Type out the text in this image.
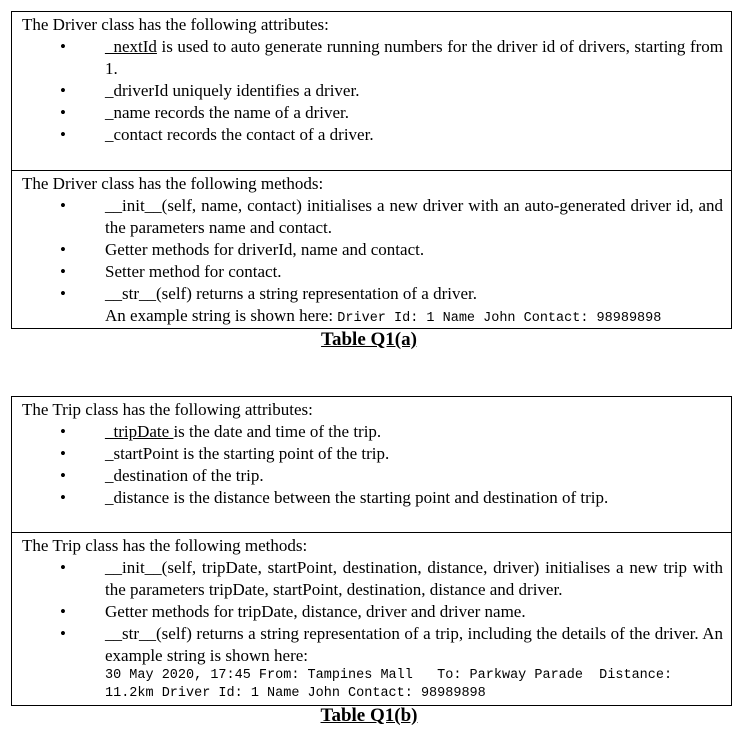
The Driver class has the following attributes:
• _nextId is used to auto generate running numbers for the driver id of drivers, starting from 1.
• _driverId uniquely identifies a driver.
• _name records the name of a driver.
• _contact records the contact of a driver.
The Driver class has the following methods:
• __init__(self, name, contact) initialises a new driver with an auto-generated driver id, and the parameters name and contact.
• Getter methods for driverId, name and contact.
• Setter method for contact.
• __str__(self) returns a string representation of a driver.
An example string is shown here: Driver Id: 1 Name John Contact: 98989898
Table Q1(a)
The Trip class has the following attributes:
• _tripDate is the date and time of the trip.
• _startPoint is the starting point of the trip.
• _destination of the trip.
• _distance is the distance between the starting point and destination of trip.
The Trip class has the following methods:
• __init__(self, tripDate, startPoint, destination, distance, driver) initialises a new trip with the parameters tripDate, startPoint, destination, distance and driver.
• Getter methods for tripDate, distance, driver and driver name.
• __str__(self) returns a string representation of a trip, including the details of the driver. An example string is shown here:
30 May 2020, 17:45 From: Tampines Mall   To: Parkway Parade  Distance:
11.2km Driver Id: 1 Name John Contact: 98989898
Table Q1(b)
